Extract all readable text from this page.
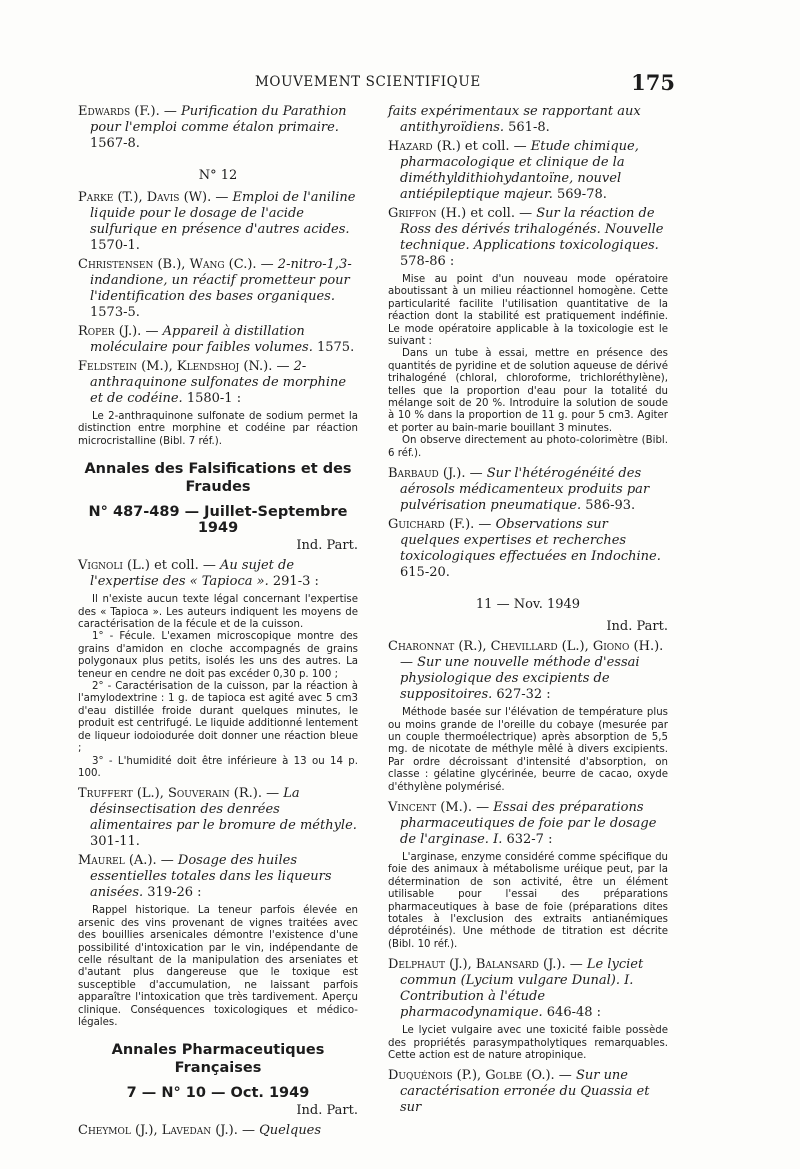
MOUVEMENT SCIENTIFIQUE	175
Edwards (F.). — Purification du Parathion pour l'emploi comme étalon primaire. 1567-8.
N° 12
Parke (T.), Davis (W). — Emploi de l'aniline liquide pour le dosage de l'acide sulfurique en présence d'autres acides. 1570-1.
Christensen (B.), Wang (C.). — 2-nitro-1,3-indandione, un réactif prometteur pour l'identification des bases organiques. 1573-5.
Roper (J.). — Appareil à distillation moléculaire pour faibles volumes. 1575.
Feldstein (M.), Klendshoj (N.). — 2-anthraquinone sulfonates de morphine et de codéine. 1580-1 :

Le 2-anthraquinone sulfonate de sodium permet la distinction entre morphine et codéine par réaction microcristalline (Bibl. 7 réf.).

Annales des Falsifications et des Fraudes
N° 487-489 — Juillet-Septembre 1949
Ind. Part.
Vignoli (L.) et coll. — Au sujet de l'expertise des « Tapioca ». 291-3 :

Il n'existe aucun texte légal concernant l'expertise des « Tapioca ». Les auteurs indiquent les moyens de caractérisation de la fécule et de la cuisson.

1° - Fécule. L'examen microscopique montre des grains d'amidon en cloche accompagnés de grains polygonaux plus petits, isolés les uns des autres. La teneur en cendre ne doit pas excéder 0,30 p. 100 ;

2° - Caractérisation de la cuisson, par la réaction à l'amylodextrine : 1 g. de tapioca est agité avec 5 cm3 d'eau distillée froide durant quelques minutes, le produit est centrifugé. Le liquide additionné lentement de liqueur iodoiodurée doit donner une réaction bleue ;

3° - L'humidité doit être inférieure à 13 ou 14 p. 100.

Truffert (L.), Souverain (R.). — La désinsectisation des denrées alimentaires par le bromure de méthyle. 301-11.
Maurel (A.). — Dosage des huiles essentielles totales dans les liqueurs anisées. 319-26 :

Rappel historique. La teneur parfois élevée en arsenic des vins provenant de vignes traitées avec des bouillies arsenicales démontre l'existence d'une possibilité d'intoxication par le vin, indépendante de celle résultant de la manipulation des arseniates et d'autant plus dangereuse que le toxique est susceptible d'accumulation, ne laissant parfois apparaître l'intoxication que très tardivement. Aperçu clinique. Conséquences toxicologiques et médico-légales.

Annales Pharmaceutiques Françaises
7 — N° 10 — Oct. 1949
Ind. Part.
Cheymol (J.), Lavedan (J.). — Quelques
faits expérimentaux se rapportant aux antithyroïdiens. 561-8.
Hazard (R.) et coll. — Etude chimique, pharmacologique et clinique de la diméthyldithiohydantoïne, nouvel antiépileptique majeur. 569-78.
Griffon (H.) et coll. — Sur la réaction de Ross des dérivés trihalogénés. Nouvelle technique. Applications toxicologiques. 578-86 :

Mise au point d'un nouveau mode opératoire aboutissant à un milieu réactionnel homogène. Cette particularité facilite l'utilisation quantitative de la réaction dont la stabilité est pratiquement indéfinie. Le mode opératoire applicable à la toxicologie est le suivant :

Dans un tube à essai, mettre en présence des quantités de pyridine et de solution aqueuse de dérivé trihalogéné (chloral, chloroforme, trichloréthylène), telles que la proportion d'eau pour la totalité du mélange soit de 20 %. Introduire la solution de soude à 10 % dans la proportion de 11 g. pour 5 cm3. Agiter et porter au bain-marie bouillant 3 minutes.

On observe directement au photo-colorimètre (Bibl. 6 réf.).

Barbaud (J.). — Sur l'hétérogénéité des aérosols médicamenteux produits par pulvérisation pneumatique. 586-93.
Guichard (F.). — Observations sur quelques expertises et recherches toxicologiques effectuées en Indochine. 615-20.
11 — Nov. 1949
Ind. Part.
Charonnat (R.), Chevillard (L.), Giono (H.). — Sur une nouvelle méthode d'essai physiologique des excipients de suppositoires. 627-32 :

Méthode basée sur l'élévation de température plus ou moins grande de l'oreille du cobaye (mesurée par un couple thermoélectrique) après absorption de 5,5 mg. de nicotate de méthyle mêlé à divers excipients. Par ordre décroissant d'intensité d'absorption, on classe : gélatine glycérinée, beurre de cacao, oxyde d'éthylène polymérisé.

Vincent (M.). — Essai des préparations pharmaceutiques de foie par le dosage de l'arginase. I. 632-7 :

L'arginase, enzyme considéré comme spécifique du foie des animaux à métabolisme uréique peut, par la détermination de son activité, être un élément utilisable pour l'essai des préparations pharmaceutiques à base de foie (préparations dites totales à l'exclusion des extraits antianémiques déprotéinés). Une méthode de titration est décrite (Bibl. 10 réf.).

Delphaut (J.), Balansard (J.). — Le lyciet commun (Lycium vulgare Dunal). I. Contribution à l'étude pharmacodynamique. 646-48 :

Le lyciet vulgaire avec une toxicité faible possède des propriétés parasympatholytiques remarquables. Cette action est de nature atropinique.

Duquénois (P.), Golbe (O.). — Sur une caractérisation erronée du Quassia et sur
